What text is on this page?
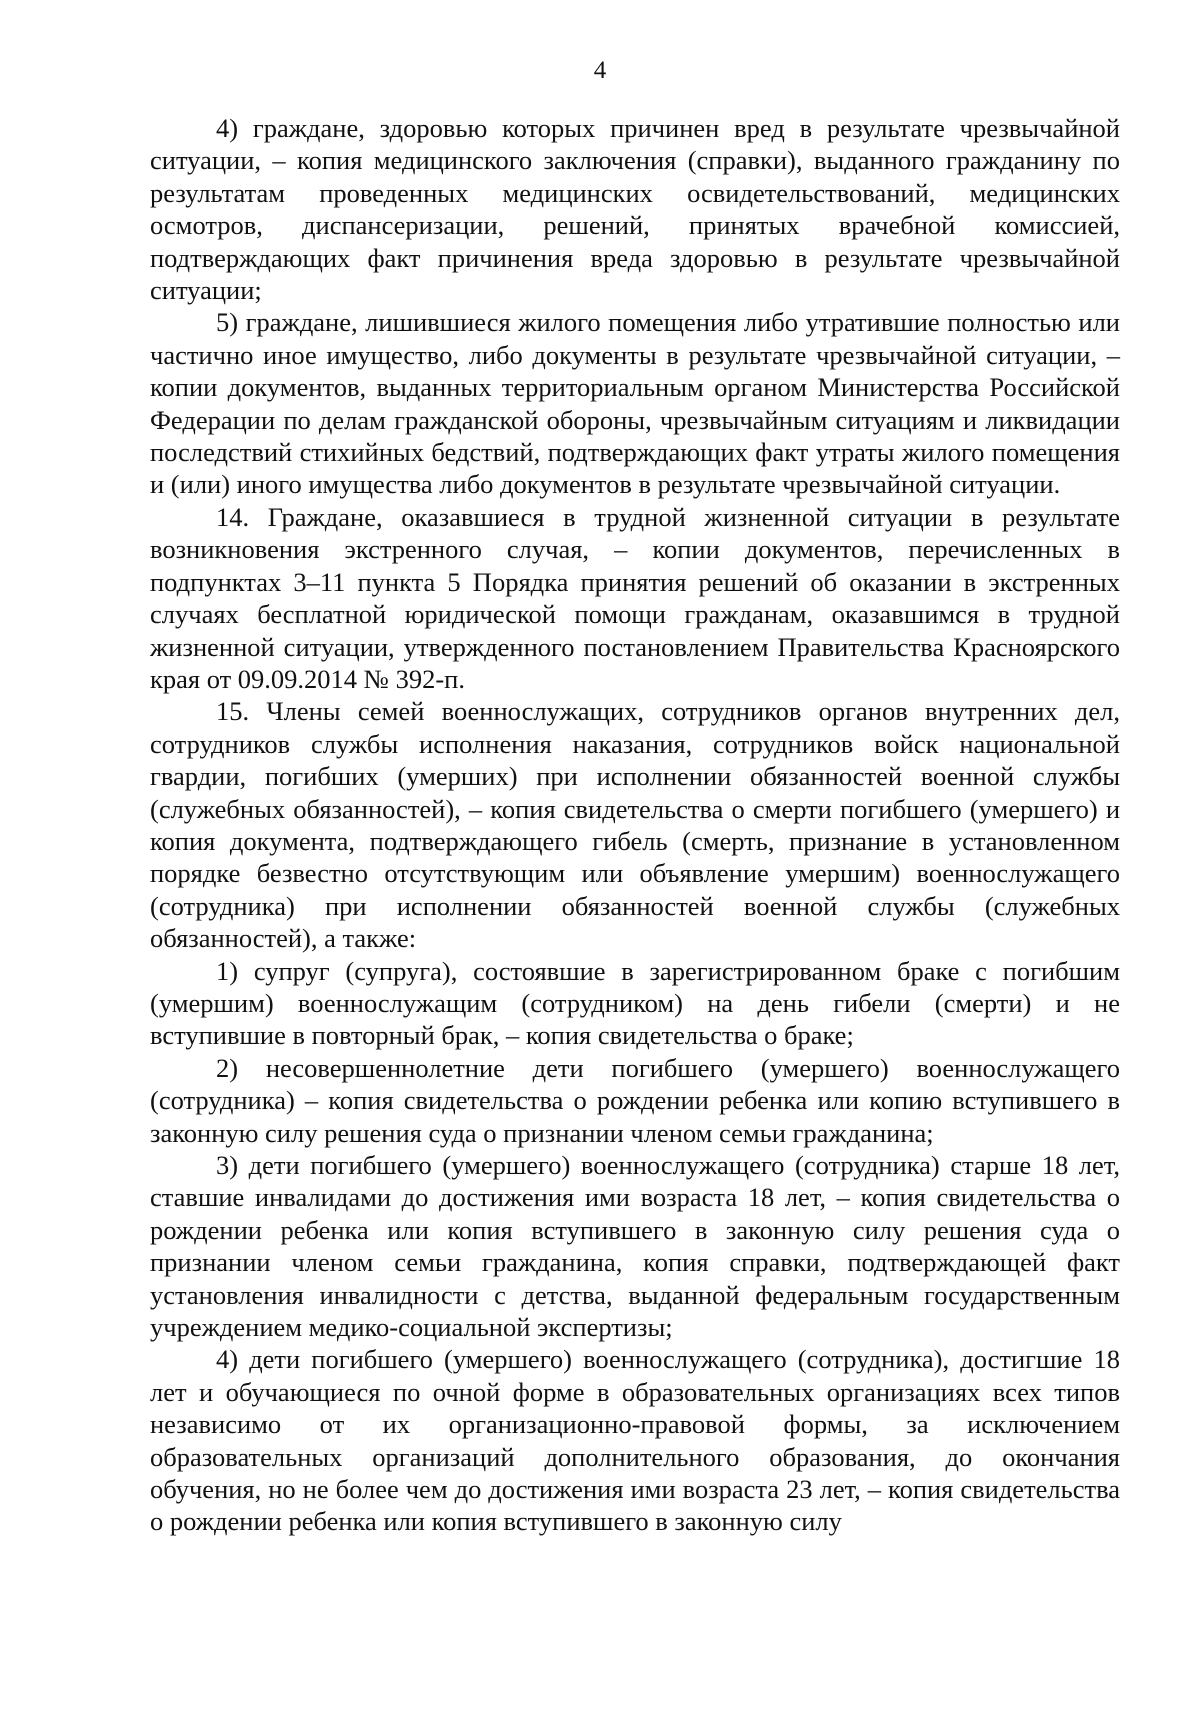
4

4) граждане, здоровью которых причинен вред в результате чрезвычайной ситуации, – копия медицинского заключения (справки), выданного гражданину по результатам проведенных медицинских освидетельствований, медицинских осмотров, диспансеризации, решений, принятых врачебной комиссией, подтверждающих факт причинения вреда здоровью в результате чрезвычайной ситуации;

5) граждане, лишившиеся жилого помещения либо утратившие полностью или частично иное имущество, либо документы в результате чрезвычайной ситуации, – копии документов, выданных территориальным органом Министерства Российской Федерации по делам гражданской обороны, чрезвычайным ситуациям и ликвидации последствий стихийных бедствий, подтверждающих факт утраты жилого помещения и (или) иного имущества либо документов в результате чрезвычайной ситуации.

14. Граждане, оказавшиеся в трудной жизненной ситуации в результате возникновения экстренного случая, – копии документов, перечисленных в подпунктах 3–11 пункта 5 Порядка принятия решений об оказании в экстренных случаях бесплатной юридической помощи гражданам, оказавшимся в трудной жизненной ситуации, утвержденного постановлением Правительства Красноярского края от 09.09.2014 № 392-п.

15. Члены семей военнослужащих, сотрудников органов внутренних дел, сотрудников службы исполнения наказания, сотрудников войск национальной гвардии, погибших (умерших) при исполнении обязанностей военной службы (служебных обязанностей), – копия свидетельства о смерти погибшего (умершего) и копия документа, подтверждающего гибель (смерть, признание в установленном порядке безвестно отсутствующим или объявление умершим) военнослужащего (сотрудника) при исполнении обязанностей военной службы (служебных обязанностей), а также:

1) супруг (супруга), состоявшие в зарегистрированном браке с погибшим (умершим) военнослужащим (сотрудником) на день гибели (смерти) и не вступившие в повторный брак, – копия свидетельства о браке;

2) несовершеннолетние дети погибшего (умершего) военнослужащего (сотрудника) – копия свидетельства о рождении ребенка или копию вступившего в законную силу решения суда о признании членом семьи гражданина;

3) дети погибшего (умершего) военнослужащего (сотрудника) старше 18 лет, ставшие инвалидами до достижения ими возраста 18 лет, – копия свидетельства о рождении ребенка или копия вступившего в законную силу решения суда о признании членом семьи гражданина, копия справки, подтверждающей факт установления инвалидности с детства, выданной федеральным государственным учреждением медико-социальной экспертизы;

4) дети погибшего (умершего) военнослужащего (сотрудника), достигшие 18 лет и обучающиеся по очной форме в образовательных организациях всех типов независимо от их организационно-правовой формы, за исключением образовательных организаций дополнительного образования, до окончания обучения, но не более чем до достижения ими возраста 23 лет, – копия свидетельства о рождении ребенка или копия вступившего в законную силу
